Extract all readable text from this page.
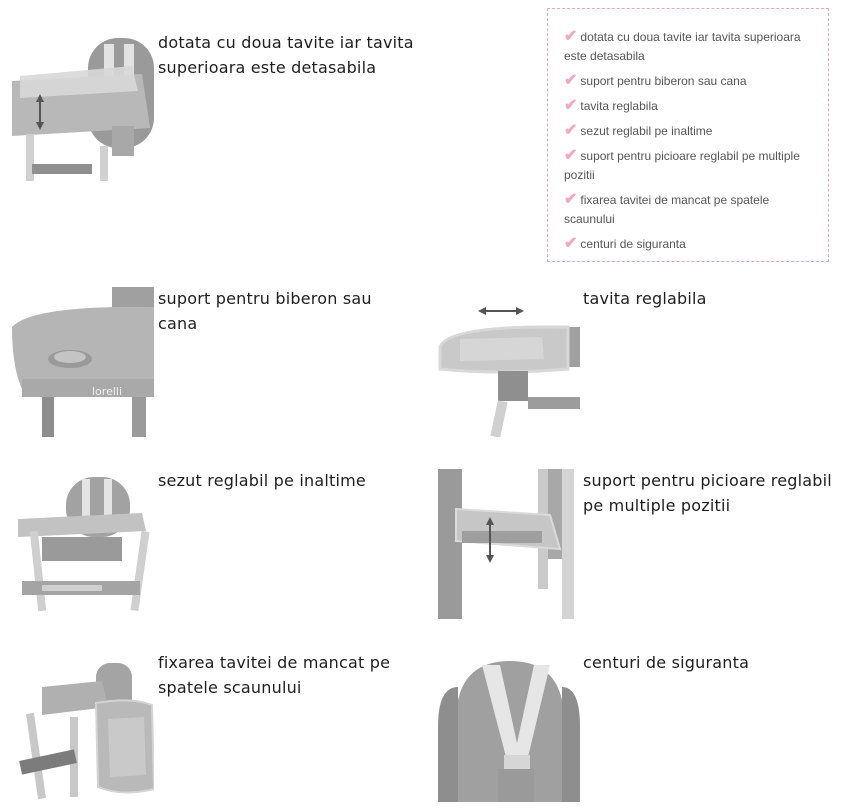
dotata cu doua tavite iar tavita superioara este detasabila

✔ dotata cu doua tavite iar tavita superioara este detasabila
✔ suport pentru biberon sau cana
✔ tavita reglabila
✔ sezut reglabil pe inaltime
✔ suport pentru picioare reglabil pe multiple pozitii
✔ fixarea tavitei de mancat pe spatele scaunului
✔ centuri de siguranta
lorelli

suport pentru biberon sau cana

tavita reglabila

sezut reglabil pe inaltime	suport pentru picioare reglabil pe multiple pozitii

fixarea tavitei de mancat pe spatele scaunului

centuri de siguranta
